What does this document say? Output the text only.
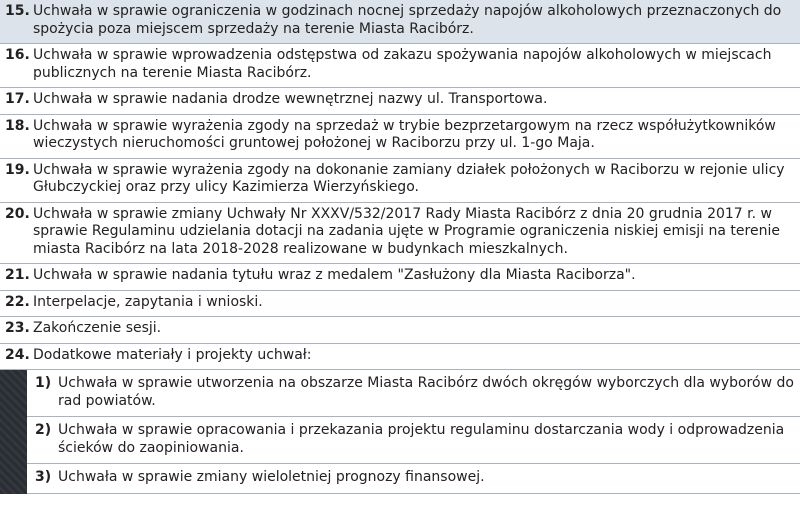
15. Uchwała w sprawie ograniczenia w godzinach nocnej sprzedaży napojów alkoholowych przeznaczonych do spożycia poza miejscem sprzedaży na terenie Miasta Racibórz.
16. Uchwała w sprawie wprowadzenia odstępstwa od zakazu spożywania napojów alkoholowych w miejscach publicznych na terenie Miasta Racibórz.
17. Uchwała w sprawie nadania drodze wewnętrznej nazwy ul. Transportowa.
18. Uchwała w sprawie wyrażenia zgody na sprzedaż w trybie bezprzetargowym na rzecz współużytkowników wieczystych nieruchomości gruntowej położonej w Raciborzu przy ul. 1-go Maja.
19. Uchwała w sprawie wyrażenia zgody na dokonanie zamiany działek położonych w Raciborzu w rejonie ulicy Głubczyckiej oraz przy ulicy Kazimierza Wierzyńskiego.
20. Uchwała w sprawie zmiany Uchwały Nr XXXV/532/2017 Rady Miasta Racibórz z dnia 20 grudnia 2017 r. w sprawie Regulaminu udzielania dotacji na zadania ujęte w Programie ograniczenia niskiej emisji na terenie miasta Racibórz na lata 2018-2028 realizowane w budynkach mieszkalnych.
21. Uchwała w sprawie nadania tytułu wraz z medalem "Zasłużony dla Miasta Raciborza".
22. Interpelacje, zapytania i wnioski.
23. Zakończenie sesji.
24. Dodatkowe materiały i projekty uchwał:
1) Uchwała w sprawie utworzenia na obszarze Miasta Racibórz dwóch okręgów wyborczych dla wyborów do rad powiatów.
2) Uchwała w sprawie opracowania i przekazania projektu regulaminu dostarczania wody i odprowadzenia ścieków do zaopiniowania.
3) Uchwała w sprawie zmiany wieloletniej prognozy finansowej.
